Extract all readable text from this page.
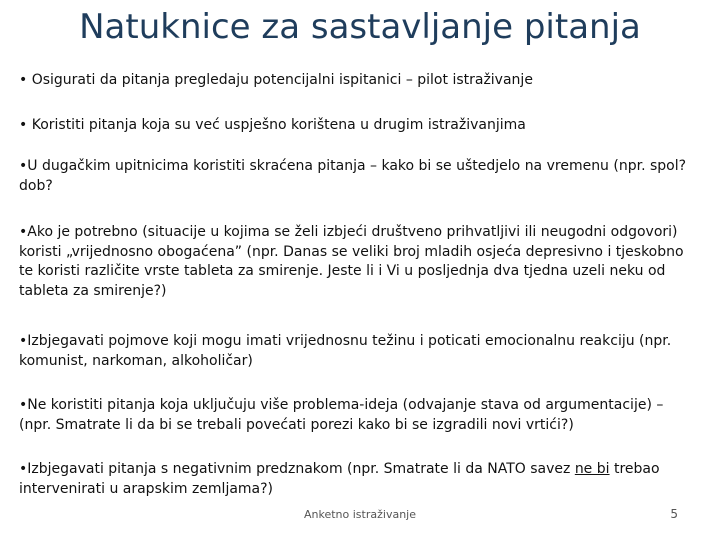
Natuknice za sastavljanje pitanja
• Osigurati da pitanja pregledaju potencijalni ispitanici – pilot istraživanje
• Koristiti pitanja koja su već uspješno korištena u drugim istraživanjima
•U dugačkim upitnicima koristiti skraćena pitanja – kako bi se uštedjelo na vremenu (npr. spol? dob?
•Ako je potrebno (situacije u kojima se želi izbjeći društveno prihvatljivi ili neugodni odgovori) koristi „vrijednosno obogaćena” (npr. Danas se veliki broj mladih osjeća depresivno i tjeskobno te koristi različite vrste tableta za smirenje. Jeste li i Vi u posljednja dva tjedna uzeli neku od tableta za smirenje?)
•Izbjegavati pojmove koji mogu imati vrijednosnu težinu i poticati emocionalnu reakciju (npr. komunist, narkoman, alkoholičar)
•Ne koristiti pitanja koja uključuju više problema-ideja (odvajanje stava od argumentacije) – (npr. Smatrate li da bi se trebali povećati porezi kako bi se izgradili novi vrtići?)
•Izbjegavati pitanja s negativnim predznakom (npr. Smatrate li da NATO savez ne bi trebao intervenirati u arapskim zemljama?)
Anketno istraživanje	5
